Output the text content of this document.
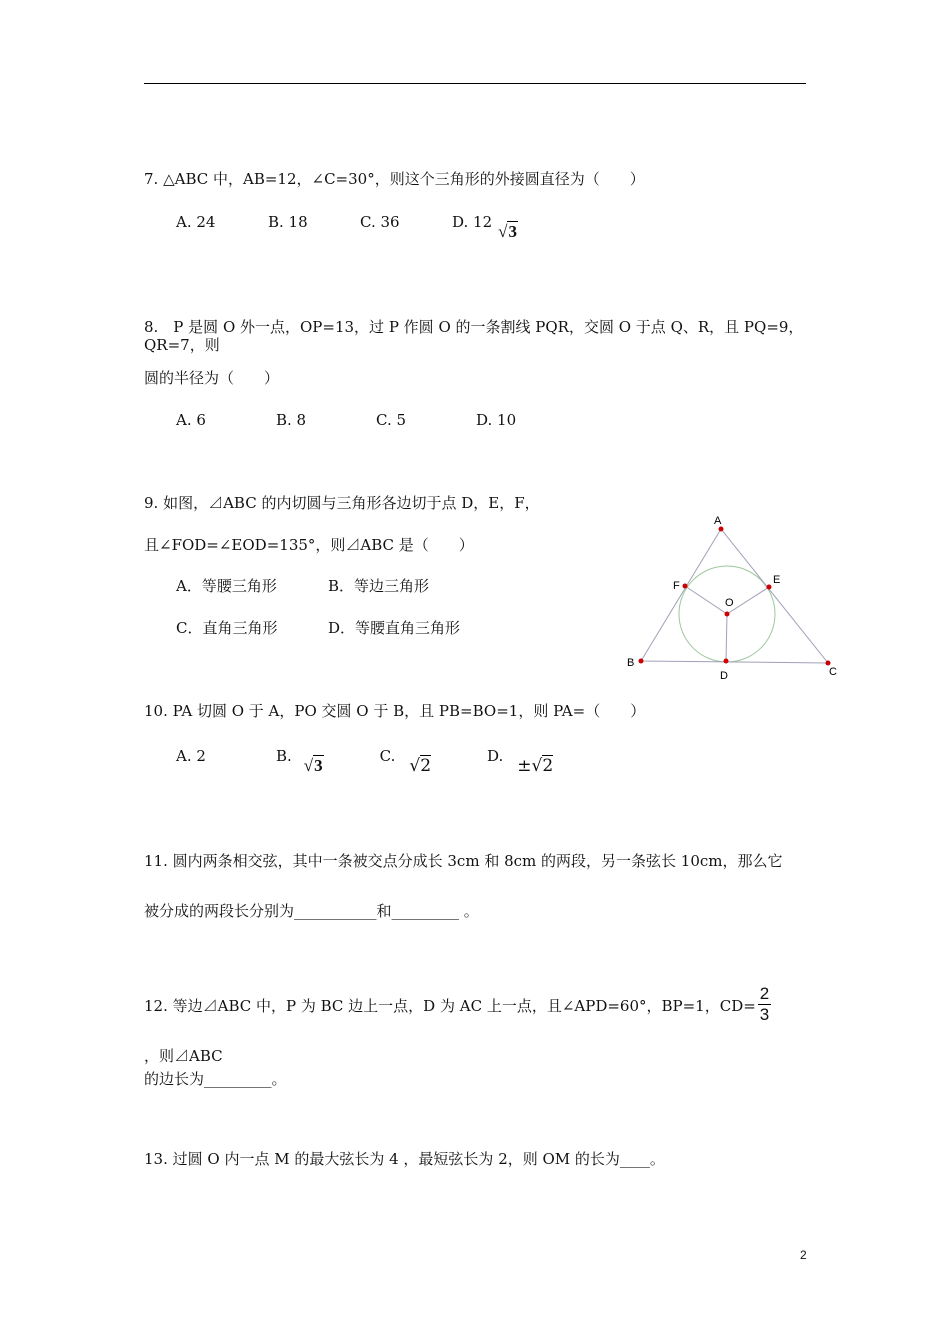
7. △ABC 中，AB=12，∠C=30°，则这个三角形的外接圆直径为（　　）
A. 24	B. 18	C. 36	D. 12 √3
8.　P 是圆 O 外一点，OP=13，过 P 作圆 O 的一条割线 PQR，交圆 O 于点 Q、R，且 PQ=9，QR=7，则
圆的半径为（　　）
A. 6	B. 8	C. 5	D. 10
9. 如图，⊿ABC 的内切圆与三角形各边切于点 D，E，F，
且∠FOD=∠EOD=135°，则⊿ABC 是（　　）
A．等腰三角形	B．等边三角形
C．直角三角形	D．等腰直角三角形
A
F	E
O
B
D	C
10. PA 切圆 O 于 A，PO 交圆 O 于 B，且 PB=BO=1，则 PA=（　　）
A. 2	B. √3	C. √2	D. ±√2
11. 圆内两条相交弦，其中一条被交点分成长 3cm 和 8cm 的两段，另一条弦长 10cm，那么它
被分成的两段长分别为___________和_________ 。
12. 等边⊿ABC 中，P 为 BC 边上一点，D 为 AC 上一点，且∠APD=60°，BP=1，$CD= \frac{2}{3}$
，则⊿ABC
的边长为_________。
13. 过圆 O 内一点 M 的最大弦长为 4 ，最短弦长为 2，则 OM 的长为____。
2
